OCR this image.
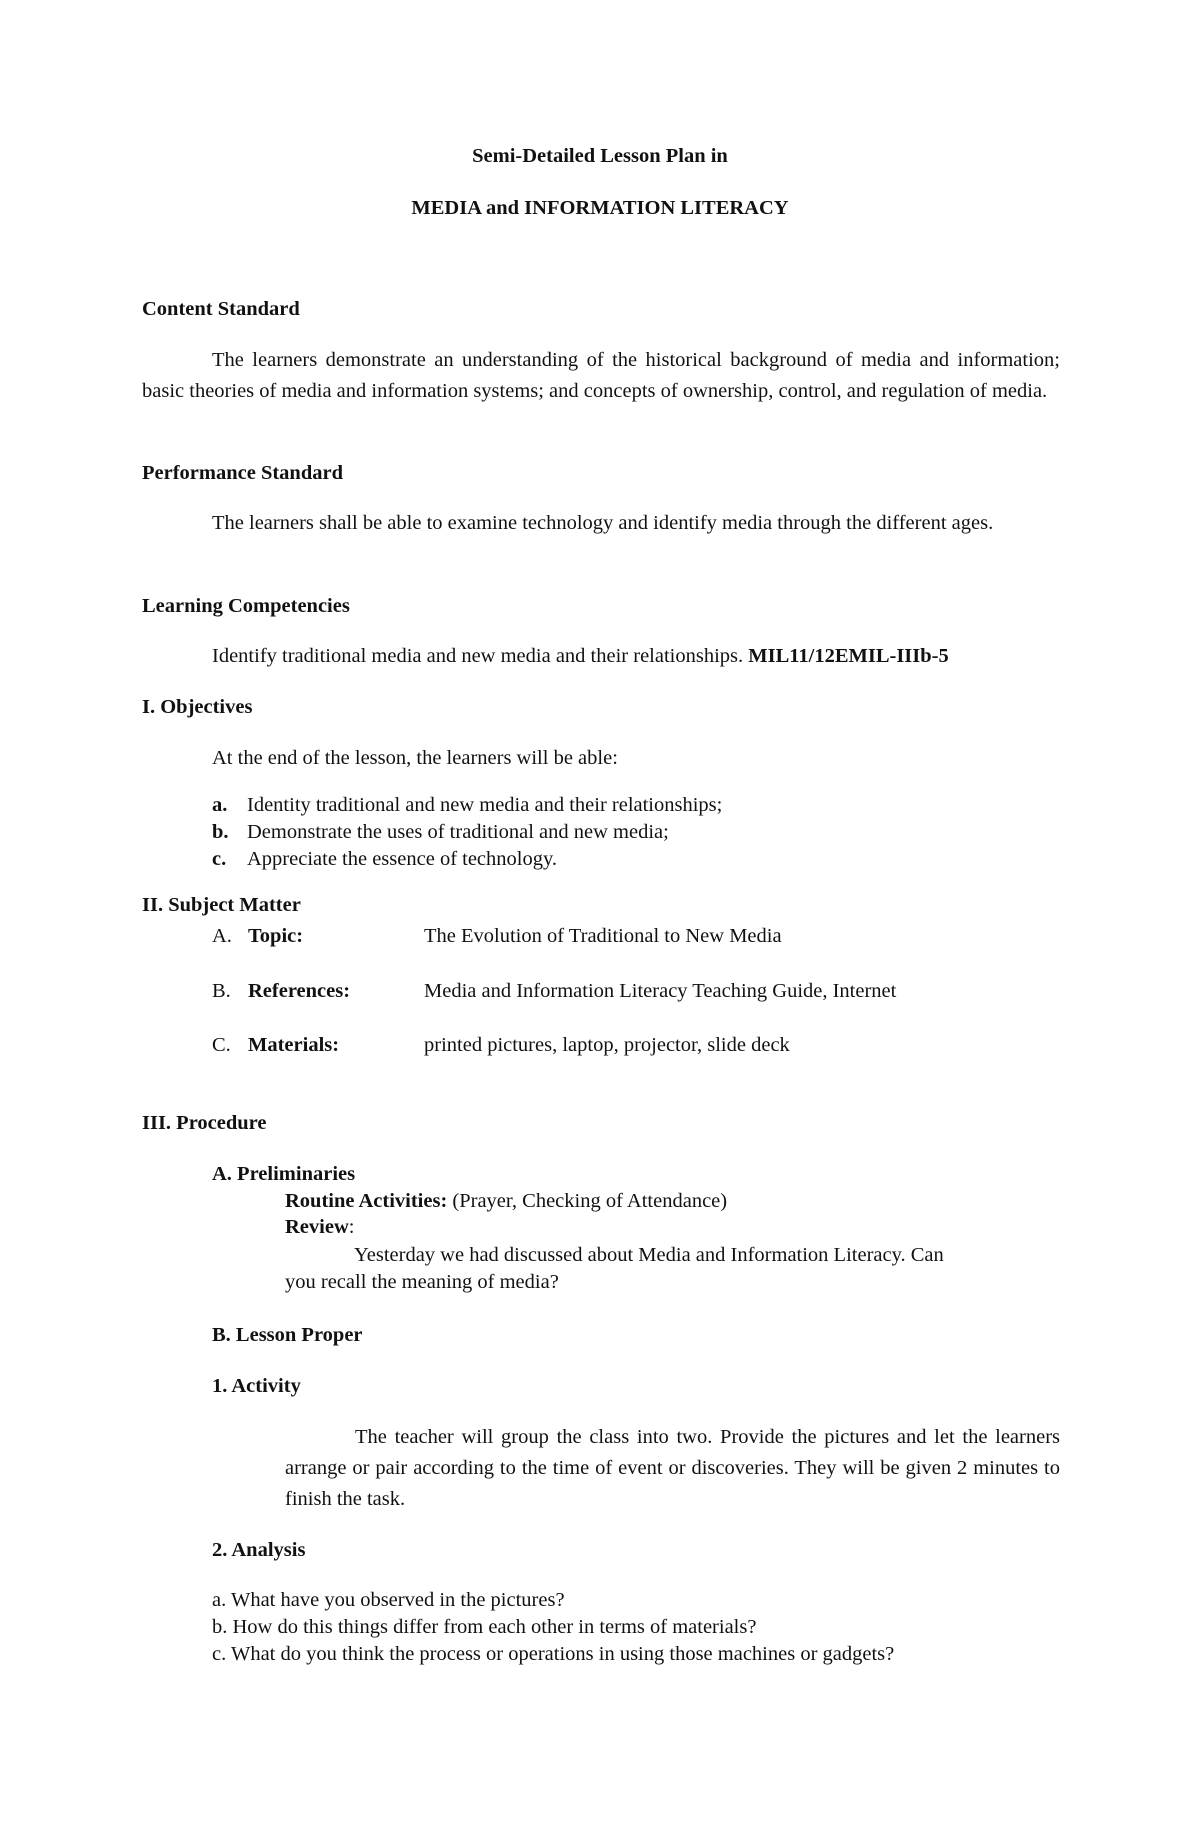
Semi-Detailed Lesson Plan in

MEDIA and INFORMATION LITERACY

Content Standard

The learners demonstrate an understanding of the historical background of media and information; basic theories of media and information systems; and concepts of ownership, control, and regulation of media.

Performance Standard

The learners shall be able to examine technology and identify media through the different ages.

Learning Competencies

Identify traditional media and new media and their relationships. MIL11/12EMIL-IIIb-5

I. Objectives

At the end of the lesson, the learners will be able:

a. Identity traditional and new media and their relationships;

b. Demonstrate the uses of traditional and new media;

c. Appreciate the essence of technology.

II. Subject Matter

A. Topic:	The Evolution of Traditional to New Media

B. References:	Media and Information Literacy Teaching Guide, Internet

C. Materials:	printed pictures, laptop, projector, slide deck

III. Procedure

A. Preliminaries

Routine Activities: (Prayer, Checking of Attendance)

Review:

Yesterday we had discussed about Media and Information Literacy. Can

you recall the meaning of media?

B. Lesson Proper

1. Activity

The teacher will group the class into two. Provide the pictures and let the learners arrange or pair according to the time of event or discoveries. They will be given 2 minutes to finish the task.

2. Analysis

a. What have you observed in the pictures?

b. How do this things differ from each other in terms of materials?

c. What do you think the process or operations in using those machines or gadgets?
